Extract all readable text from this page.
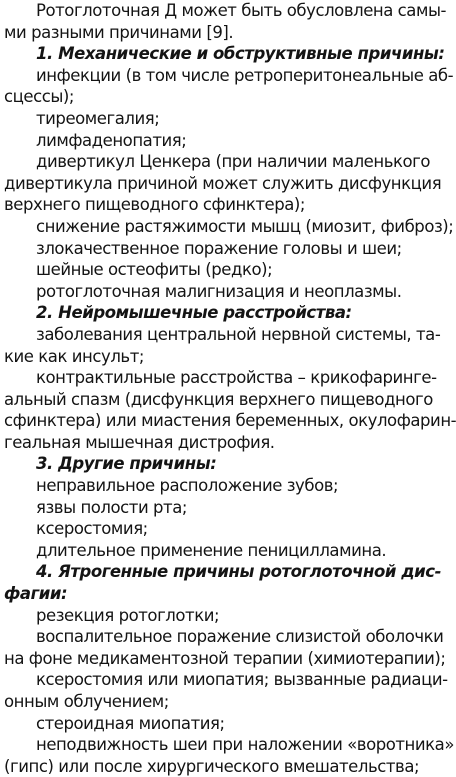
Ротоглоточная Д может быть обусловлена самы-
ми разными причинами [9].
1. Механические и обструктивные причины:
инфекции (в том числе ретроперитонеальные аб-
сцессы);
тиреомегалия;
лимфаденопатия;
дивертикул Ценкера (при наличии маленького
дивертикула причиной может служить дисфункция
верхнего пищеводного сфинктера);
снижение растяжимости мышц (миозит, фиброз);
злокачественное поражение головы и шеи;
шейные остеофиты (редко);
ротоглоточная малигнизация и неоплазмы.
2. Нейромышечные расстройства:
заболевания центральной нервной системы, та-
кие как инсульт;
контрактильные расстройства – крикофаринге-
альный спазм (дисфункция верхнего пищеводного
сфинктера) или миастения беременных, окулофарин-
геальная мышечная дистрофия.
3. Другие причины:
неправильное расположение зубов;
язвы полости рта;
ксеростомия;
длительное применение пеницилламина.
4. Ятрогенные причины ротоглоточной дис-
фагии:
резекция ротоглотки;
воспалительное поражение слизистой оболочки
на фоне медикаментозной терапии (химиотерапии);
ксеростомия или миопатия; вызванные радиаци-
онным облучением;
стероидная миопатия;
неподвижность шеи при наложении «воротника»
(гипс) или после хирургического вмешательства;
